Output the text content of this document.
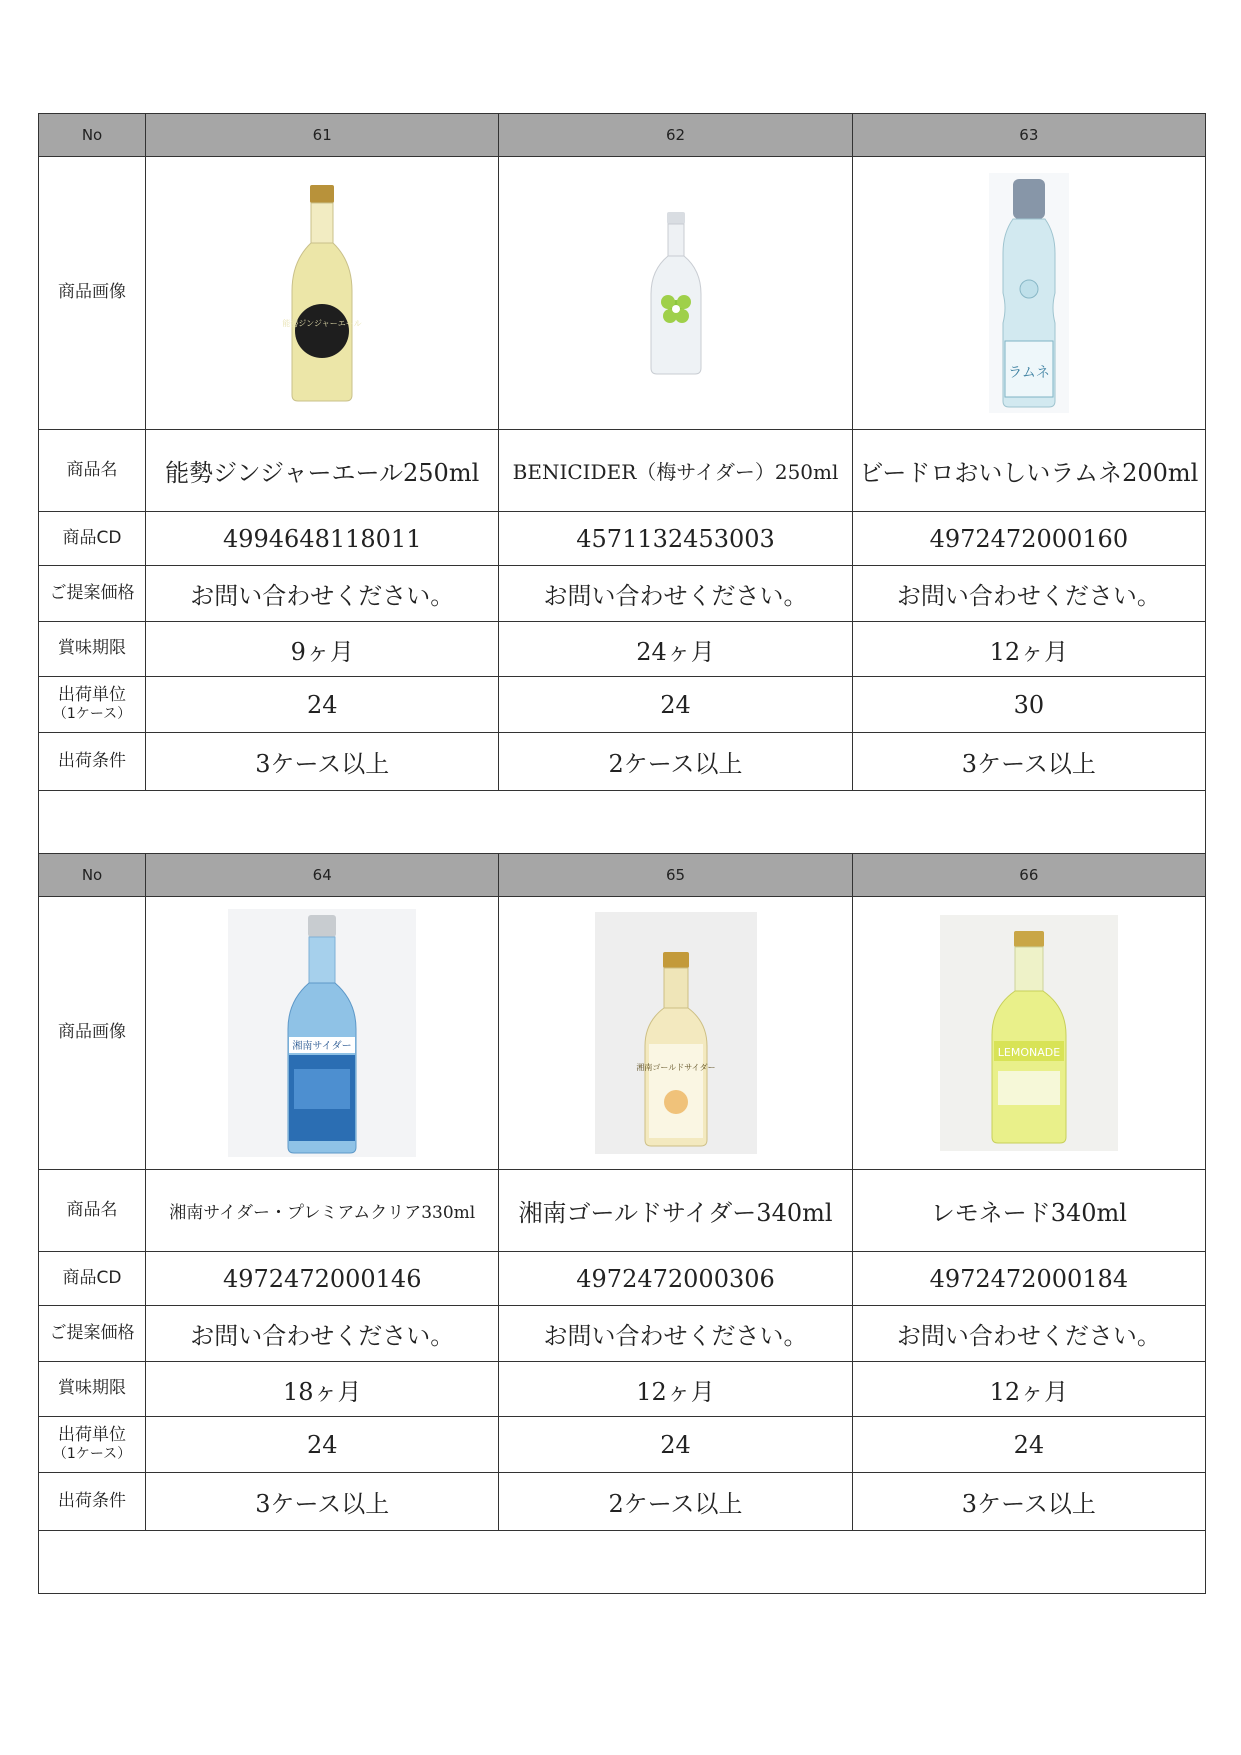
No	61	62	63
商品画像	能勢ジンジャーエール		ラムネ

商品名	能勢ジンジャーエール250ml	BENICIDER（梅サイダー）250ml	ビードロおいしいラムネ200ml
商品CD	4994648118011	4571132453003	4972472000160
ご提案価格	お問い合わせください。	お問い合わせください。	お問い合わせください。
賞味期限	9ヶ月	24ヶ月	12ヶ月
出荷単位
（1ケース）	24	24	30
出荷条件	3ケース以上	2ケース以上	3ケース以上

No	64	65	66
商品画像	湘南サイダー	湘南ゴールドサイダー	LEMONADE

商品名	湘南サイダー・プレミアムクリア330ml	湘南ゴールドサイダー340ml	レモネード340ml
商品CD	4972472000146	4972472000306	4972472000184
ご提案価格	お問い合わせください。	お問い合わせください。	お問い合わせください。
賞味期限	18ヶ月	12ヶ月	12ヶ月
出荷単位
（1ケース）	24	24	24
出荷条件	3ケース以上	2ケース以上	3ケース以上
